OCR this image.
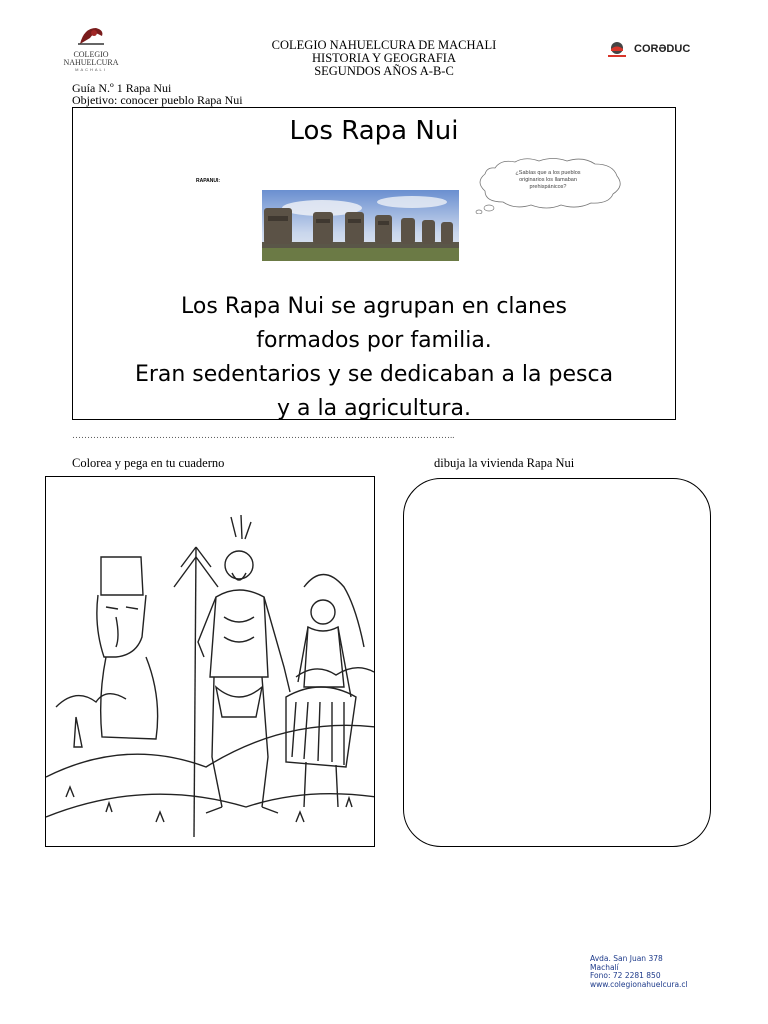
COLEGIO NAHUELCURA
MACHALI
COLEGIO NAHUELCURA DE MACHALI
HISTORIA Y GEOGRAFIA
SEGUNDOS AÑOS A-B-C
CORƏDUC
Guía N.º 1 Rapa Nui
Objetivo: conocer pueblo Rapa Nui
Los Rapa Nui
RAPANUI:
¿Sabías que a los pueblos originarios los llamaban prehispánicos?
Los Rapa Nui se agrupan en clanes
formados por familia.
Eran sedentarios y se dedicaban a la pesca
y a la agricultura.
………………………………………………………………………………………………………………..
Colorea y pega en tu cuaderno	dibuja la vivienda Rapa Nui
Avda. San Juan 378
Machalí
Fono: 72 2281 850
www.colegionahuelcura.cl
